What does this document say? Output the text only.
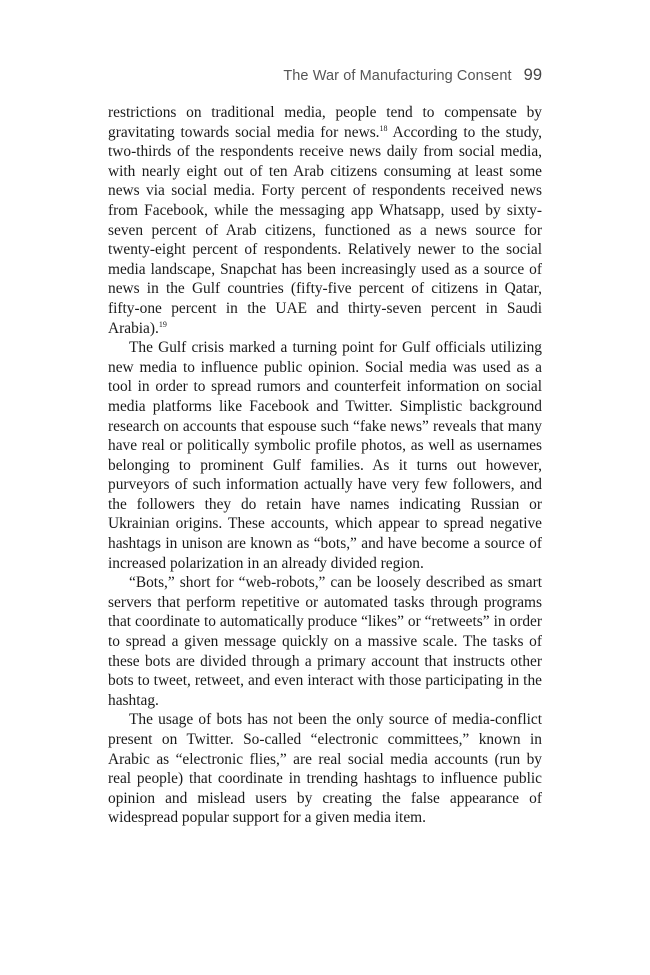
The War of Manufacturing Consent 99

restrictions on traditional media, people tend to compensate by gravitating towards social media for news.$^{18}$ According to the study, two-thirds of the respondents receive news daily from social media, with nearly eight out of ten Arab citizens consuming at least some news via social media. Forty percent of respondents received news from Facebook, while the messaging app Whatsapp, used by sixty-seven percent of Arab citizens, functioned as a news source for twenty-eight percent of respondents. Relatively newer to the social media landscape, Snapchat has been increasingly used as a source of news in the Gulf countries (fifty-five percent of citizens in Qatar, fifty-one percent in the UAE and thirty-seven percent in Saudi Arabia).$^{19}$

The Gulf crisis marked a turning point for Gulf officials utilizing new media to influence public opinion. Social media was used as a tool in order to spread rumors and counterfeit information on social media platforms like Facebook and Twitter. Simplistic background research on accounts that espouse such “fake news” reveals that many have real or politically symbolic profile photos, as well as usernames belonging to prominent Gulf families. As it turns out however, purveyors of such information actually have very few followers, and the followers they do retain have names indicating Russian or Ukrainian origins. These accounts, which appear to spread negative hashtags in unison are known as “bots,” and have become a source of increased polarization in an already divided region.

“Bots,” short for “web-robots,” can be loosely described as smart servers that perform repetitive or automated tasks through programs that coordinate to automatically produce “likes” or “retweets” in order to spread a given message quickly on a massive scale. The tasks of these bots are divided through a primary account that instructs other bots to tweet, retweet, and even interact with those participating in the hashtag.

The usage of bots has not been the only source of media-conflict present on Twitter. So-called “electronic committees,” known in Arabic as “electronic flies,” are real social media accounts (run by real people) that coordinate in trending hashtags to influence public opinion and mislead users by creating the false appearance of widespread popular support for a given media item.
